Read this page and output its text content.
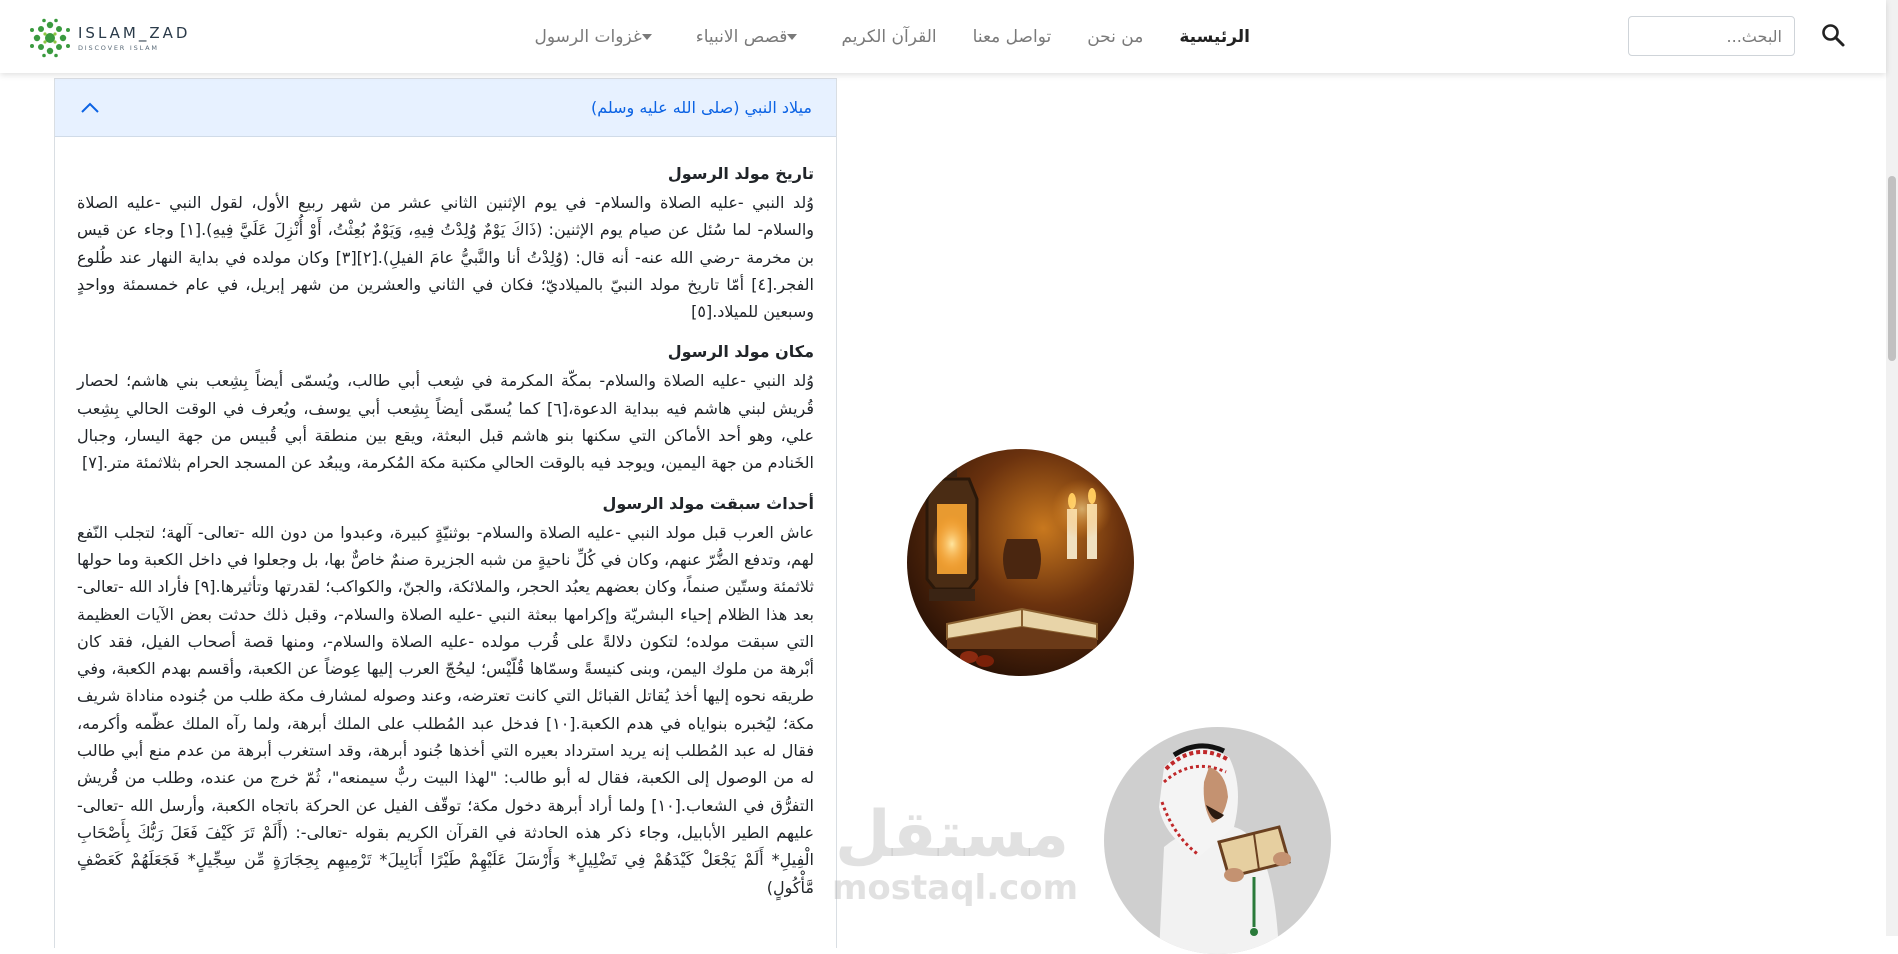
ISLAM_ZAD
DISCOVER ISLAM
غزوات الرسول	قصص الانبياء	القرآن الكريم تواصل معنا من نحن الرئيسية
البحث...
ميلاد النبي (صلى الله عليه وسلم)
تاريخ مولد الرسول

وُلد النبي -عليه الصلاة والسلام- في يوم الإثنين الثاني عشر من شهر ربيع الأول، لقول النبي -عليه الصلاة والسلام- لما سُئل عن صيام يوم الإثنين: (ذَاكَ يَوْمٌ وُلِدْتُ فِيهِ، وَيَوْمٌ بُعِثْتُ، أَوْ أُنْزِلَ عَلَيَّ فِيهِ).[١] وجاء عن قيس بن مخرمة -رضي الله عنه- أنه قال: (وُلِدْتُ أنا والنَّبيُّ عامَ الفيلِ).[٢][٣] وكان مولده في بداية النهار عند طُلوع الفجر.[٤] أمّا تاريخ مولد النبيّ بالميلاديّ؛ فكان في الثاني والعشرين من شهر إبريل، في عام خمسمئة وواحدٍ وسبعين للميلاد.[٥]

مكان مولد الرسول

وُلد النبي -عليه الصلاة والسلام- بمكّة المكرمة في شِعب أبي طالب، ويُسمّى أيضاً بِشِعب بني هاشم؛ لحصار قُريش لبني هاشم فيه ببداية الدعوة،[٦] كما يُسمّى أيضاً بِشِعب أبي يوسف، ويُعرف في الوقت الحالي بِشِعب علي، وهو أحد الأماكن التي سكنها بنو هاشم قبل البعثة، ويقع بين منطقة أبي قُبيس من جهة اليسار، وجبال الخَنادم من جهة اليمين، ويوجد فيه بالوقت الحالي مكتبة مكة المُكرمة، ويبعُد عن المسجد الحرام بثلاثمئة متر.[٧]

أحداث سبقت مولد الرسول

عاش العرب قبل مولد النبي -عليه الصلاة والسلام- بوثنيّةٍ كبيرة، وعبدوا من دون الله -تعالى- آلهة؛ لتجلب النّفع لهم، وتدفع الضُّرّ عنهم، وكان في كُلِّ ناحيةٍ من شبه الجزيرة صنمٌ خاصٌّ بها، بل وجعلوا في داخل الكعبة وما حولها ثلاثمئة وستّين صنماً، وكان بعضهم يعبُد الحجر، والملائكة، والجنّ، والكواكب؛ لقدرتها وتأثيرها.[٩] فأراد الله -تعالى- بعد هذا الظلام إحياء البشريّة وإكرامها ببعثة النبي -عليه الصلاة والسلام-، وقبل ذلك حدثت بعض الآيات العظيمة التي سبقت مولده؛ لتكون دلالةً على قُرب مولده -عليه الصلاة والسلام-، ومنها قصة أصحاب الفيل، فقد كان أبْرهة من ملوك اليمن، وبنى كنيسةً وسمّاها قُلّيْس؛ ليحُجّ العرب إليها عِوضاً عن الكعبة، وأقسم بهدم الكعبة، وفي طريقه نحوه إليها أخذ يُقاتل القبائل التي كانت تعترضه، وعند وصوله لمشارف مكة طلب من جُنوده مناداة شريف مكة؛ ليُخبره بنواياه في هدم الكعبة.[١٠] فدخل عبد المُطلب على الملك أبرهة، ولما رآه الملك عظّمه وأكرمه، فقال له عبد المُطلب إنه يريد استرداد بعيره التي أخذها جُنود أبرهة، وقد استغرب أبرهة من عدم منع أبي طالب له من الوصول إلى الكعبة، فقال له أبو طالب: "لهذا البيت ربٌّ سيمنعه"، ثُمّ خرج من عنده، وطلب من قُريش التفرُّق في الشعاب.[١٠] ولما أراد أبرهة دخول مكة؛ توقّف الفيل عن الحركة باتجاه الكعبة، وأرسل الله -تعالى- عليهم الطير الأبابيل، وجاء ذكر هذه الحادثة في القرآن الكريم بقوله -تعالى-: (أَلَمْ تَرَ كَيْفَ فَعَلَ رَبُّكَ بِأَصْحَابِ الْفِيلِ* أَلَمْ يَجْعَلْ كَيْدَهُمْ فِي تَضْلِيلٍ* وَأَرْسَلَ عَلَيْهِمْ طَيْرًا أَبَابِيلَ* تَرْمِيهِم بِحِجَارَةٍ مِّن سِجِّيلٍ* فَجَعَلَهُمْ كَعَصْفٍ مَّأْكُولٍ)

مستقل
mostaql.com
